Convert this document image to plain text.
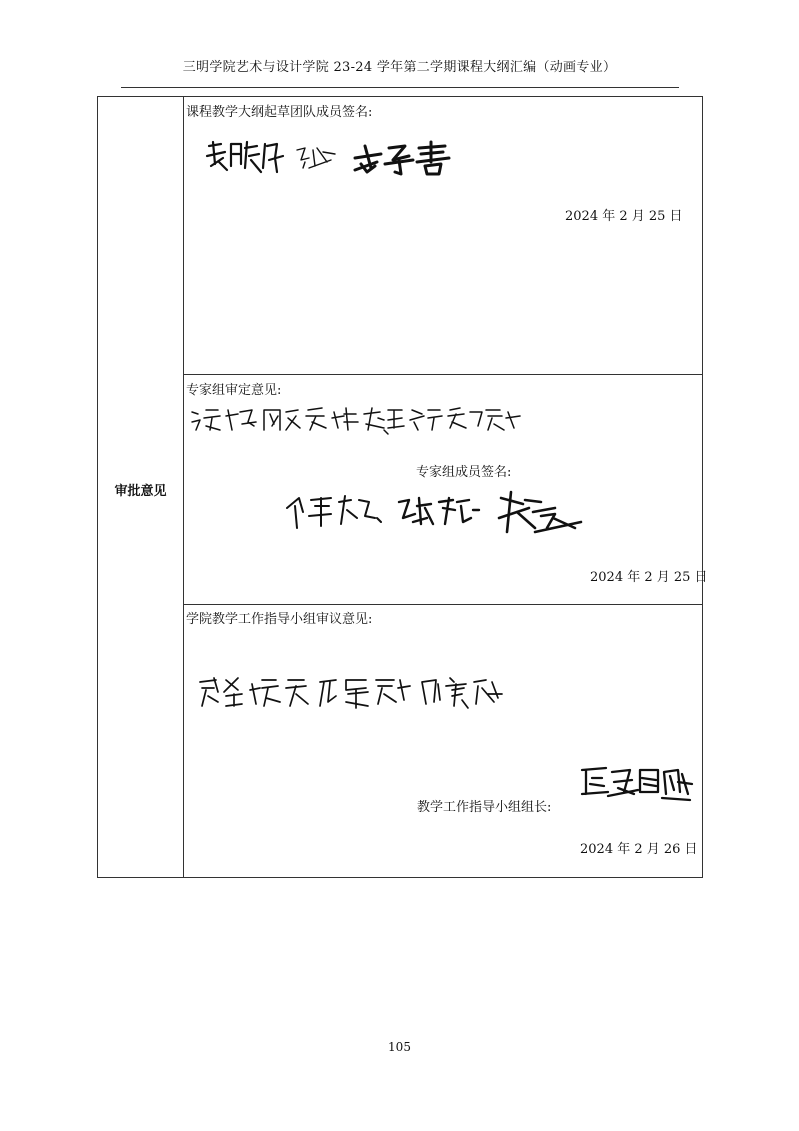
三明学院艺术与设计学院 23-24 学年第二学期课程大纲汇编（动画专业）
审批意见
课程教学大纲起草团队成员签名:
2024 年 2 月 25 日
专家组审定意见:
专家组成员签名:
2024 年 2 月 25 日
学院教学工作指导小组审议意见:
教学工作指导小组组长:
2024 年 2 月 26 日
105
